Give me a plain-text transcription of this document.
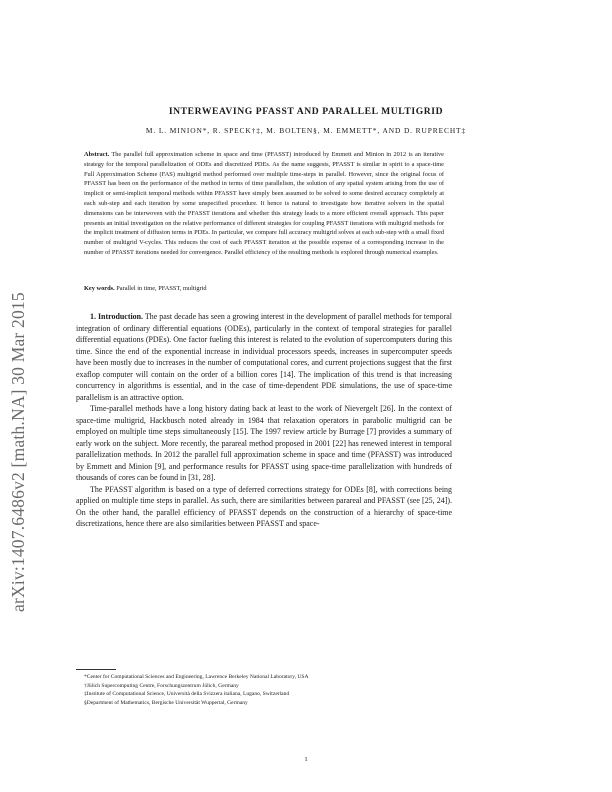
arXiv:1407.6486v2 [math.NA] 30 Mar 2015
INTERWEAVING PFASST AND PARALLEL MULTIGRID
M. L. MINION*, R. SPECK†‡, M. BOLTEN§, M. EMMETT*, AND D. RUPRECHT‡
Abstract. The parallel full approximation scheme in space and time (PFASST) introduced by Emmett and Minion in 2012 is an iterative strategy for the temporal parallelization of ODEs and discretized PDEs. As the name suggests, PFASST is similar in spirit to a space-time Full Approximation Scheme (FAS) multigrid method performed over multiple time-steps in parallel. However, since the original focus of PFASST has been on the performance of the method in terms of time parallelism, the solution of any spatial system arising from the use of implicit or semi-implicit temporal methods within PFASST have simply been assumed to be solved to some desired accuracy completely at each sub-step and each iteration by some unspecified procedure. It hence is natural to investigate how iterative solvers in the spatial dimensions can be interwoven with the PFASST iterations and whether this strategy leads to a more efficient overall approach. This paper presents an initial investigation on the relative performance of different strategies for coupling PFASST iterations with multigrid methods for the implicit treatment of diffusion terms in PDEs. In particular, we compare full accuracy multigrid solves at each sub-step with a small fixed number of multigrid V-cycles. This reduces the cost of each PFASST iteration at the possible expense of a corresponding increase in the number of PFASST iterations needed for convergence. Parallel efficiency of the resulting methods is explored through numerical examples.
Key words. Parallel in time, PFASST, multigrid

1. Introduction. The past decade has seen a growing interest in the development of parallel methods for temporal integration of ordinary differential equations (ODEs), particularly in the context of temporal strategies for parallel differential equations (PDEs). One factor fueling this interest is related to the evolution of supercomputers during this time. Since the end of the exponential increase in individual processors speeds, increases in supercomputer speeds have been mostly due to increases in the number of computational cores, and current projections suggest that the first exaflop computer will contain on the order of a billion cores [14]. The implication of this trend is that increasing concurrency in algorithms is essential, and in the case of time-dependent PDE simulations, the use of space-time parallelism is an attractive option.

Time-parallel methods have a long history dating back at least to the work of Nievergelt [26]. In the context of space-time multigrid, Hackbusch noted already in 1984 that relaxation operators in parabolic multigrid can be employed on multiple time steps simultaneously [15]. The 1997 review article by Burrage [7] provides a summary of early work on the subject. More recently, the parareal method proposed in 2001 [22] has renewed interest in temporal parallelization methods. In 2012 the parallel full approximation scheme in space and time (PFASST) was introduced by Emmett and Minion [9], and performance results for PFASST using space-time parallelization with hundreds of thousands of cores can be found in [31, 28].

The PFASST algorithm is based on a type of deferred corrections strategy for ODEs [8], with corrections being applied on multiple time steps in parallel. As such, there are similarities between parareal and PFASST (see [25, 24]). On the other hand, the parallel efficiency of PFASST depends on the construction of a hierarchy of space-time discretizations, hence there are also similarities between PFASST and space-

*Center for Computational Sciences and Engineering, Lawrence Berkeley National Laboratory, USA
†Jülich Supercomputing Centre, Forschungszentrum Jülich, Germany
‡Institute of Computational Science, Università della Svizzera italiana, Lugano, Switzerland
§Department of Mathematics, Bergische Universität Wuppertal, Germany
1
